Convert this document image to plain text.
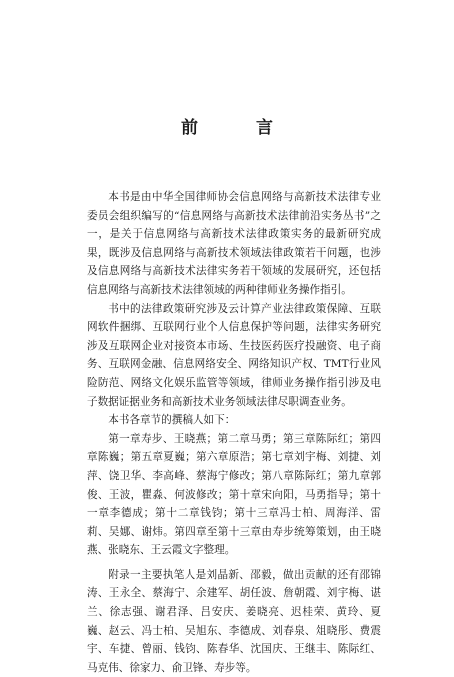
前 言

本书是由中华全国律师协会信息网络与高新技术法律专业委员会组织编写的“信息网络与高新技术法律前沿实务丛书”之一，是关于信息网络与高新技术法律政策实务的最新研究成果，既涉及信息网络与高新技术领域法律政策若干问题，也涉及信息网络与高新技术法律实务若干领域的发展研究，还包括信息网络与高新技术法律领域的两种律师业务操作指引。

书中的法律政策研究涉及云计算产业法律政策保障、互联网软件捆绑、互联网行业个人信息保护等问题，法律实务研究涉及互联网企业对接资本市场、生技医药医疗投融资、电子商务、互联网金融、信息网络安全、网络知识产权、TMT行业风险防范、网络文化娱乐监管等领域，律师业务操作指引涉及电子数据证据业务和高新技术业务领域法律尽职调查业务。

本书各章节的撰稿人如下：

第一章寿步、王晓燕；第二章马勇；第三章陈际红；第四章陈巍；第五章夏巍；第六章原浩；第七章刘宇梅、刘捷、刘萍、饶卫华、李高峰、蔡海宁修改；第八章陈际红；第九章郭俊、王波，瞿淼、何波修改；第十章宋向阳，马勇指导；第十一章李德成；第十二章钱钧；第十三章冯士柏、周海洋、雷莉、吴娜、谢炜。第四章至第十三章由寿步统筹策划，由王晓燕、张晓东、王云霞文字整理。

附录一主要执笔人是刘晶新、邵毅，做出贡献的还有邵锦涛、王永全、蔡海宁、余建军、胡任波、詹朝霞、刘宇梅、谌兰、徐志强、谢君泽、吕安庆、姜晓亮、迟桂荣、黄玲、夏巍、赵云、冯士柏、吴旭东、李德成、刘春泉、俎晓彤、费震宇、车捷、曾丽、钱钧、陈春华、沈国庆、王继丰、陈际红、马克伟、徐家力、俞卫锋、寿步等。
